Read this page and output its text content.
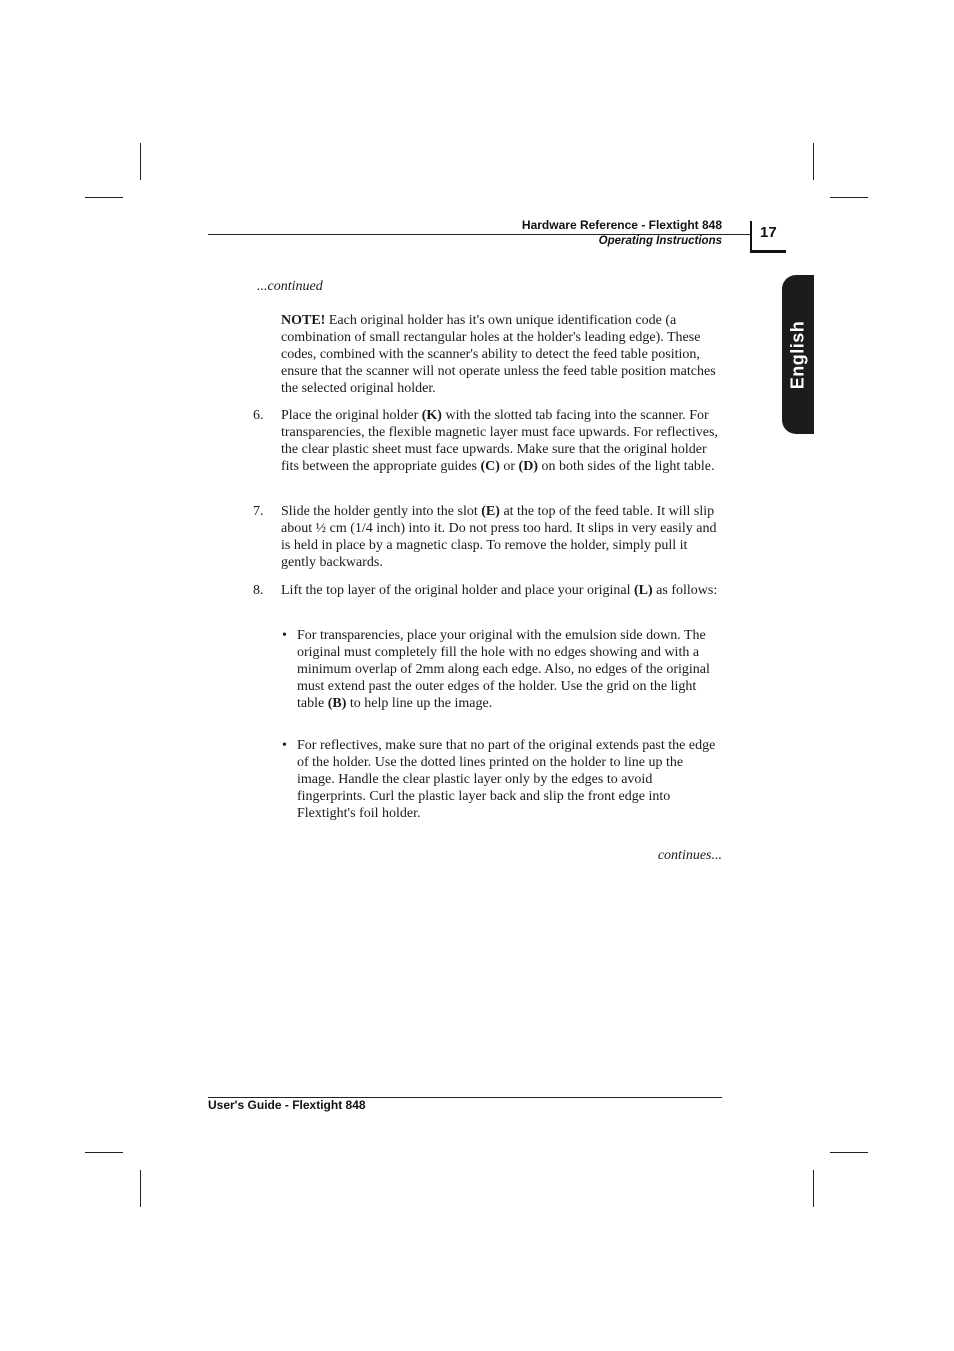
Hardware Reference - Flextight 848
Operating Instructions	17
English
...continued

NOTE! Each original holder has it's own unique identification code (a combination of small rectangular holes at the holder's leading edge). These codes, combined with the scanner's ability to detect the feed table position, ensure that the scanner will not operate unless the feed table position matches the selected original holder.

6. Place the original holder (K) with the slotted tab facing into the scanner. For transparencies, the flexible magnetic layer must face upwards. For reflectives, the clear plastic sheet must face upwards. Make sure that the original holder fits between the appropriate guides (C) or (D) on both sides of the light table.

7. Slide the holder gently into the slot (E) at the top of the feed table. It will slip about ½ cm (1/4 inch) into it. Do not press too hard. It slips in very easily and is held in place by a magnetic clasp. To remove the holder, simply pull it gently backwards.

8. Lift the top layer of the original holder and place your original (L) as follows:

• For transparencies, place your original with the emulsion side down. The original must completely fill the hole with no edges showing and with a minimum overlap of 2mm along each edge. Also, no edges of the original must extend past the outer edges of the holder. Use the grid on the light table (B) to help line up the image.

• For reflectives, make sure that no part of the original extends past the edge of the holder. Use the dotted lines printed on the holder to line up the image. Handle the clear plastic layer only by the edges to avoid fingerprints. Curl the plastic layer back and slip the front edge into Flextight's foil holder.

continues...
User's Guide - Flextight 848
